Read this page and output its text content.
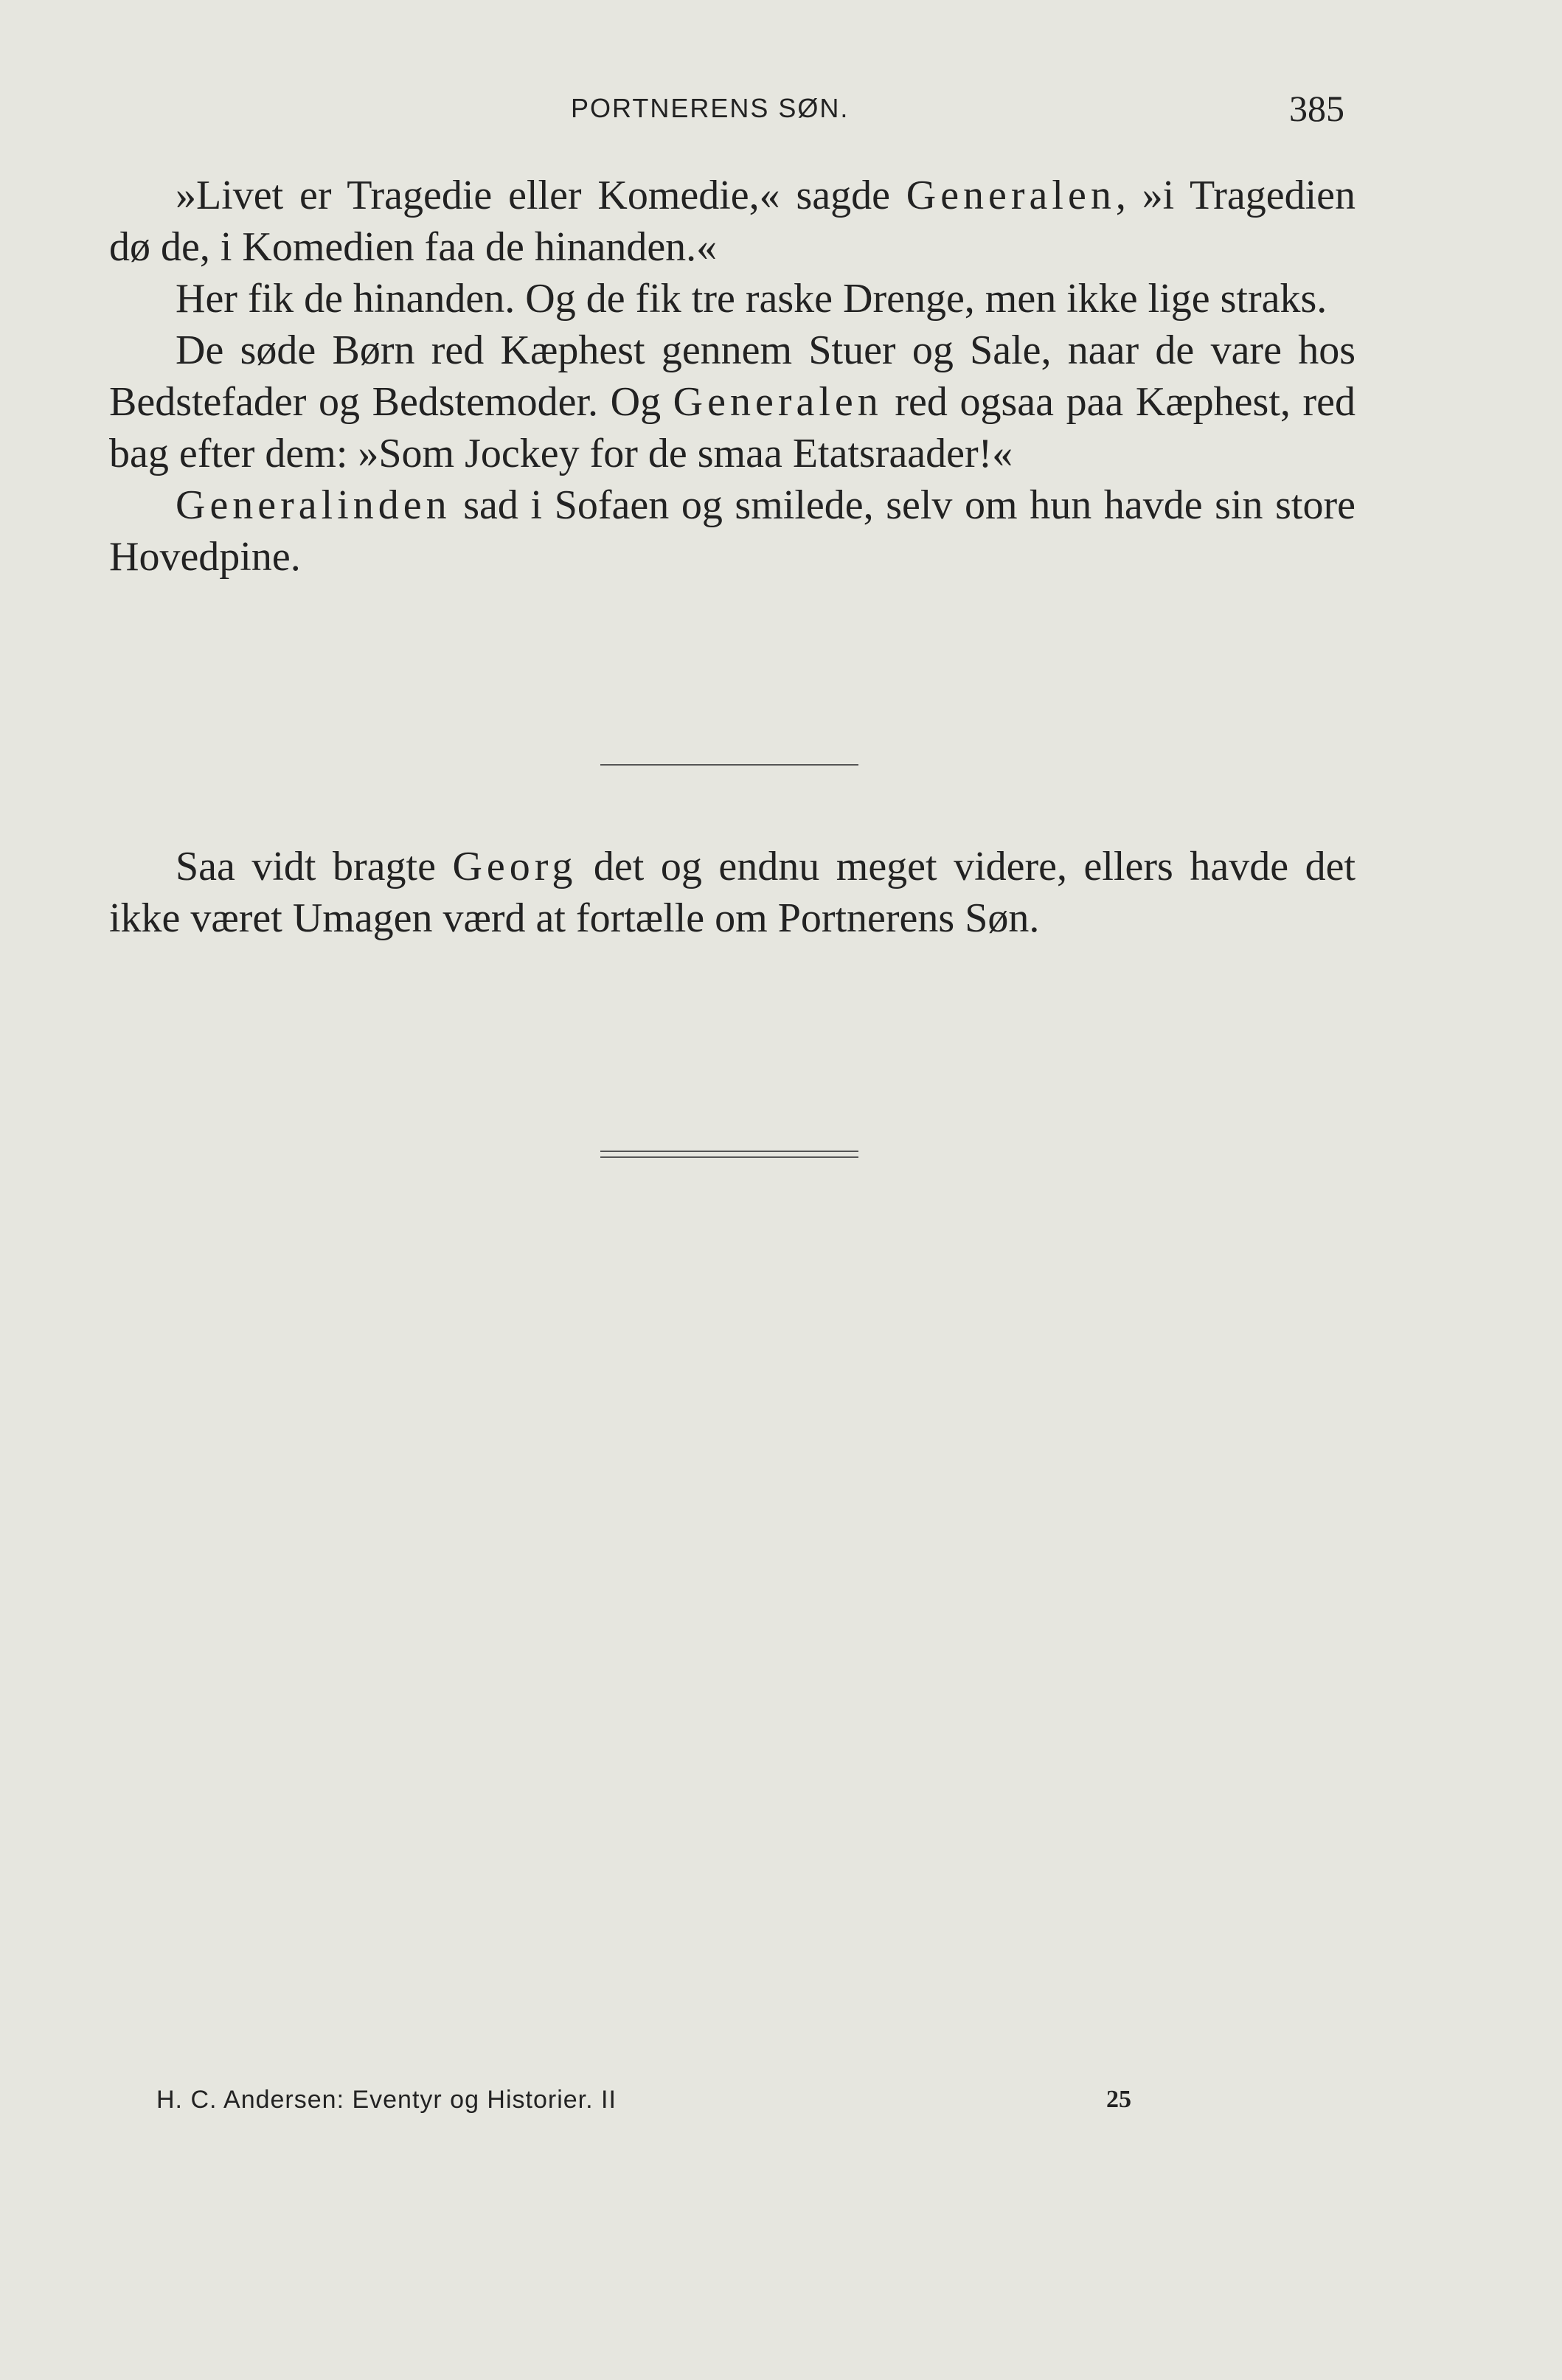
PORTNERENS SØN.	385

»Livet er Tragedie eller Komedie,« sagde Generalen, »i Tragedien dø de, i Komedien faa de hinanden.«

Her fik de hinanden. Og de fik tre raske Drenge, men ikke lige straks.

De søde Børn red Kæphest gennem Stuer og Sale, naar de vare hos Bedstefader og Bedstemoder. Og Generalen red ogsaa paa Kæphest, red bag efter dem: »Som Jockey for de smaa Etatsraader!«

Generalinden sad i Sofaen og smilede, selv om hun havde sin store Hovedpine.

Saa vidt bragte Georg det og endnu meget videre, ellers havde det ikke været Umagen værd at fortælle om Portnerens Søn.

H. C. Andersen: Eventyr og Historier. II	25
